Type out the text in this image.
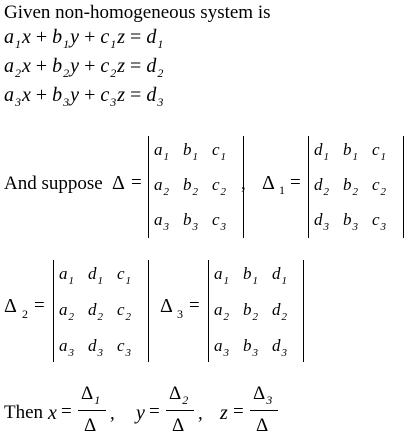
Given non-homogeneous system is
$a_1x + b_1y + c_1z = d_1$
$a_2x + b_2y + c_2z = d_2$
$a_3x + b_3y + c_3z = d_3$
And suppose Δ =
$a_1$ $b_1$ $c_1$
$a_2$ $b_2$ $c_2$
$a_3$ $b_3$ $c_3$
, Δ 1 =
$d_1$ $b_1$ $c_1$
$d_2$ $b_2$ $c_2$
$d_3$ $b_3$ $c_3$
Δ 2 =
$a_1$ $d_1$ $c_1$
$a_2$ $d_2$ $c_2$
$a_3$ $d_3$ $c_3$
Δ 3 =
$a_1$ $b_1$ $d_1$
$a_2$ $b_2$ $d_2$
$a_3$ $b_3$ $d_3$
Then x =
$\Delta_1$
Δ
, y =
$\Delta_2$
Δ
, z =
$\Delta_3$
Δ
